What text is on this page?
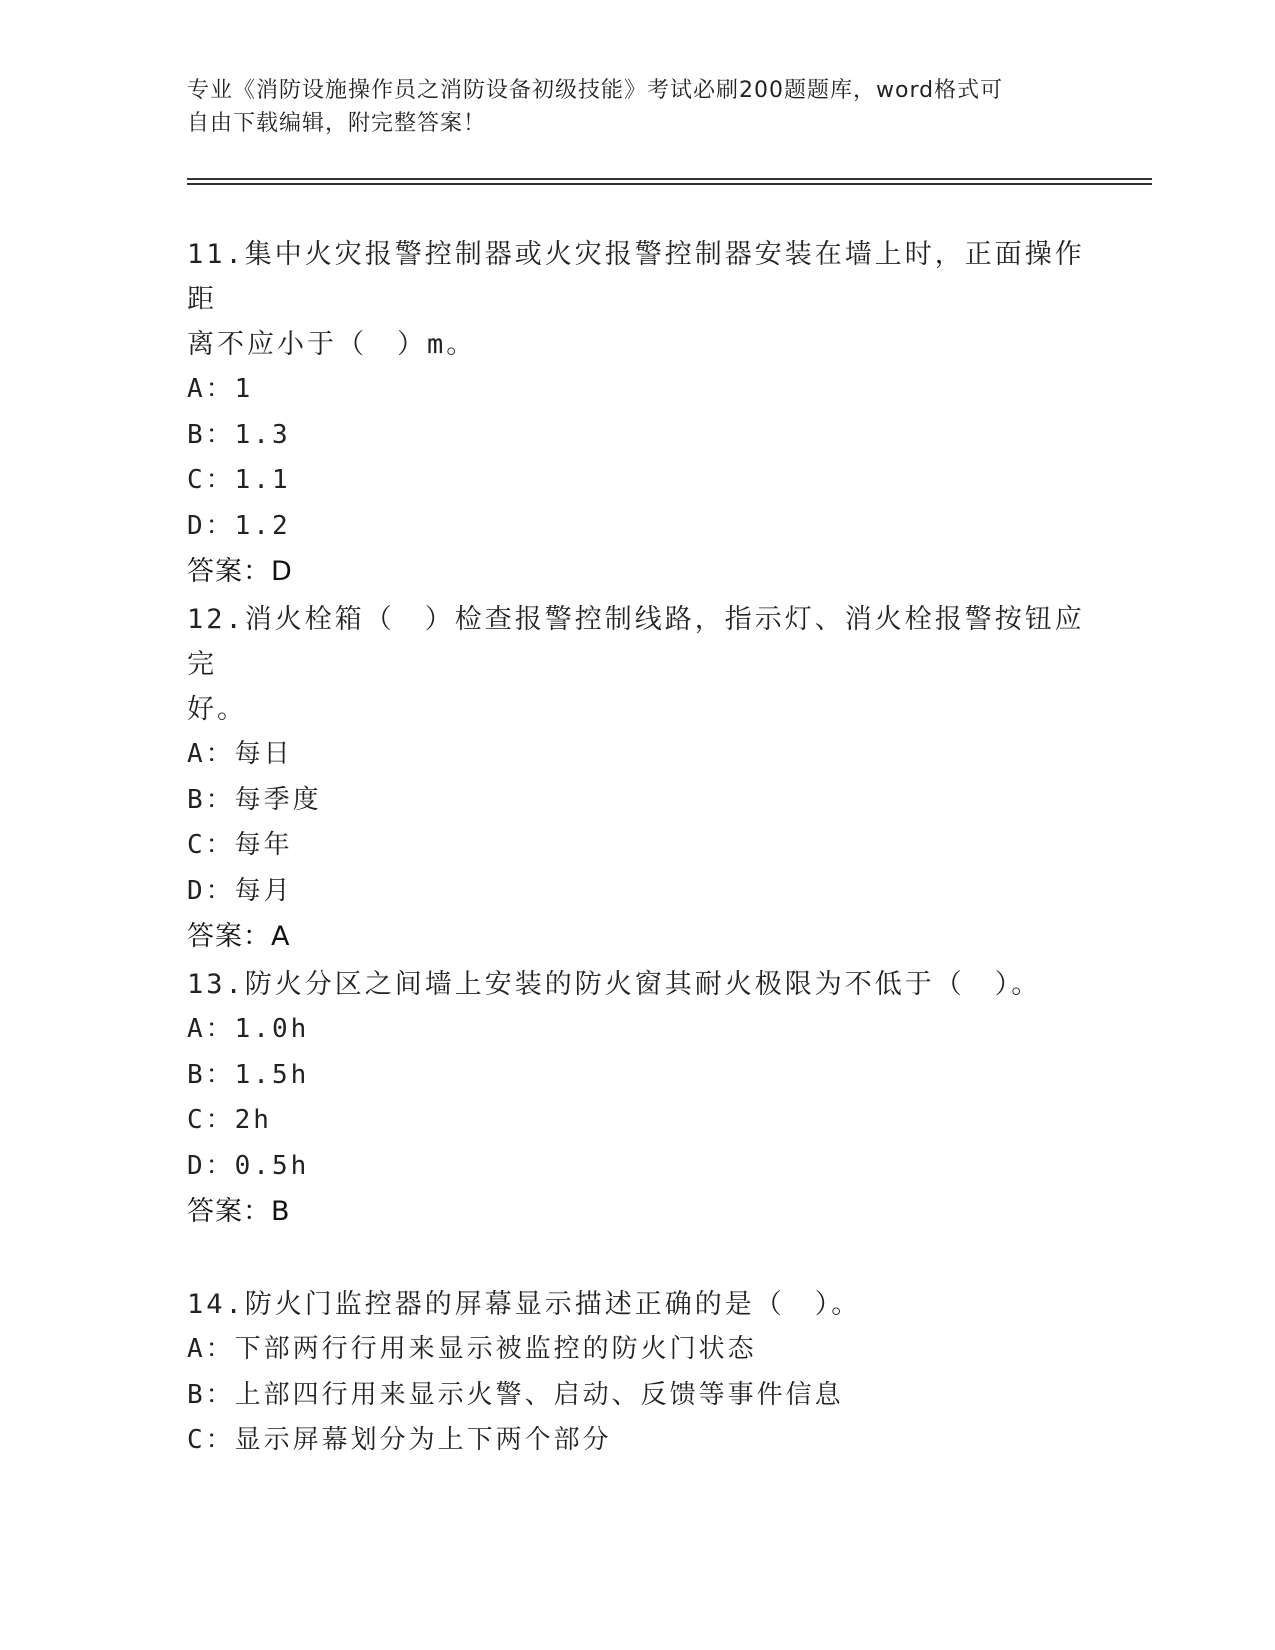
专业《消防设施操作员之消防设备初级技能》考试必刷200题题库，word格式可
自由下载编辑，附完整答案！
11.集中火灾报警控制器或火灾报警控制器安装在墙上时，正面操作距
离不应小于（　）m。
A：1
B：1.3
C：1.1
D：1.2
答案：D
12.消火栓箱（　）检查报警控制线路，指示灯、消火栓报警按钮应完
好。
A：每日
B：每季度
C：每年
D：每月
答案：A
13.防火分区之间墙上安装的防火窗其耐火极限为不低于（　）。
A：1.0h
B：1.5h
C：2h
D：0.5h
答案：B
14.防火门监控器的屏幕显示描述正确的是（　）。
A：下部两行行用来显示被监控的防火门状态
B：上部四行用来显示火警、启动、反馈等事件信息
C：显示屏幕划分为上下两个部分
